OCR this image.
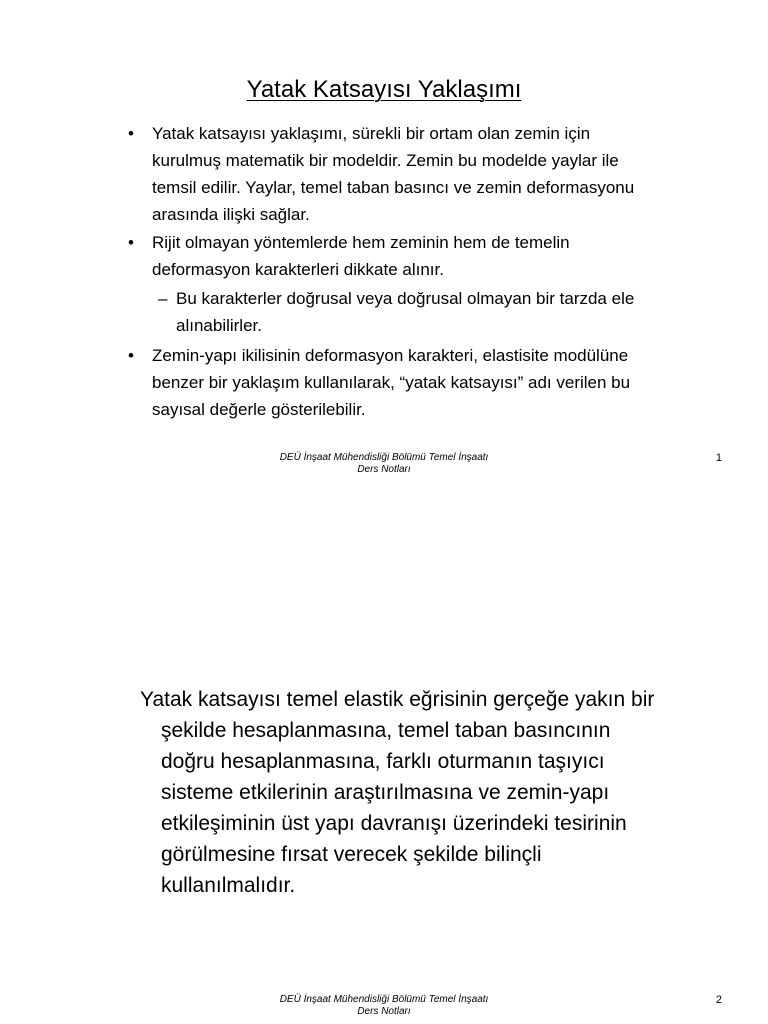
Yatak Katsayısı Yaklaşımı
• Yatak katsayısı yaklaşımı, sürekli bir ortam olan zemin için kurulmuş matematik bir modeldir. Zemin bu modelde yaylar ile temsil edilir. Yaylar, temel taban basıncı ve zemin deformasyonu arasında ilişki sağlar.
• Rijit olmayan yöntemlerde hem zeminin hem de temelin deformasyon karakterleri dikkate alınır.
– Bu karakterler doğrusal veya doğrusal olmayan bir tarzda ele alınabilirler.
• Zemin-yapı ikilisinin deformasyon karakteri, elastisite modülüne benzer bir yaklaşım kullanılarak, “yatak katsayısı” adı verilen bu sayısal değerle gösterilebilir.
DEÜ İnşaat Mühendisliği Bölümü Temel İnşaatı
Ders Notları
1

Yatak katsayısı temel elastik eğrisinin gerçeğe yakın bir şekilde hesaplanmasına, temel taban basıncının doğru hesaplanmasına, farklı oturmanın taşıyıcı sisteme etkilerinin araştırılmasına ve zemin-yapı etkileşiminin üst yapı davranışı üzerindeki tesirinin görülmesine fırsat verecek şekilde bilinçli kullanılmalıdır.

DEÜ İnşaat Mühendisliği Bölümü Temel İnşaatı
Ders Notları
2
